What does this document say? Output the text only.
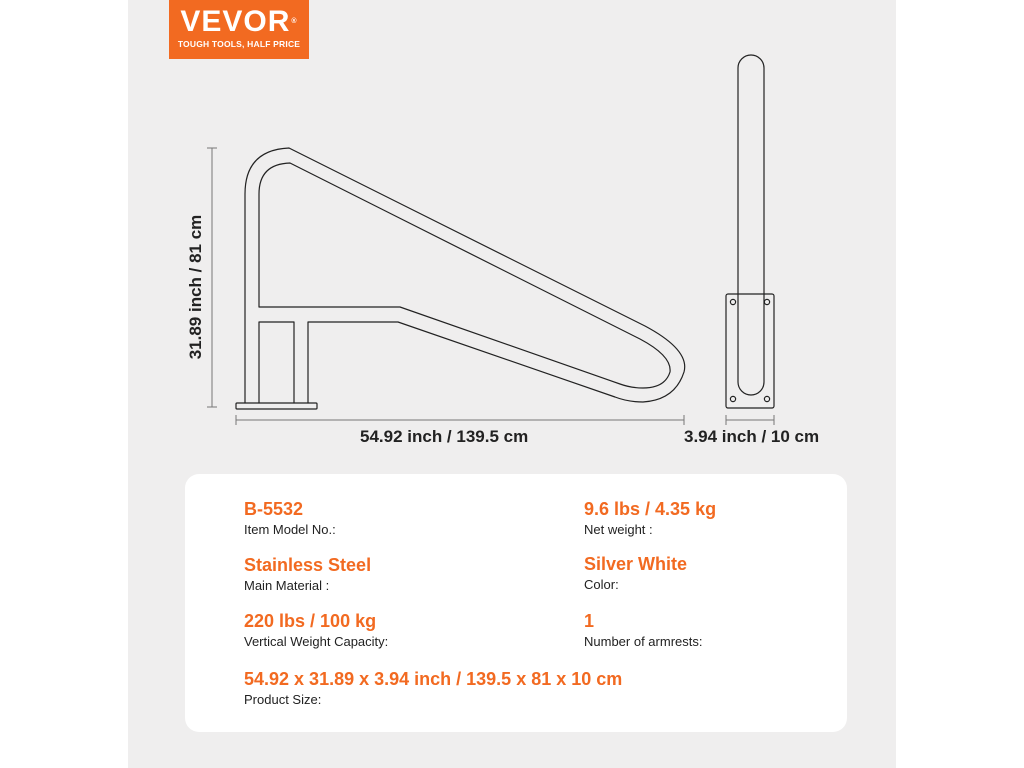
VEVOR®
TOUGH TOOLS, HALF PRICE
31.89 inch / 81 cm
54.92 inch / 139.5 cm	3.94 inch / 10 cm
B-5532
Item Model No.:
9.6 lbs / 4.35 kg
Net weight :
Stainless Steel
Main Material :
Silver White
Color:
220 lbs / 100 kg
Vertical Weight Capacity:
1
Number of armrests:
54.92 x 31.89 x 3.94 inch / 139.5 x 81 x 10 cm
Product Size:
